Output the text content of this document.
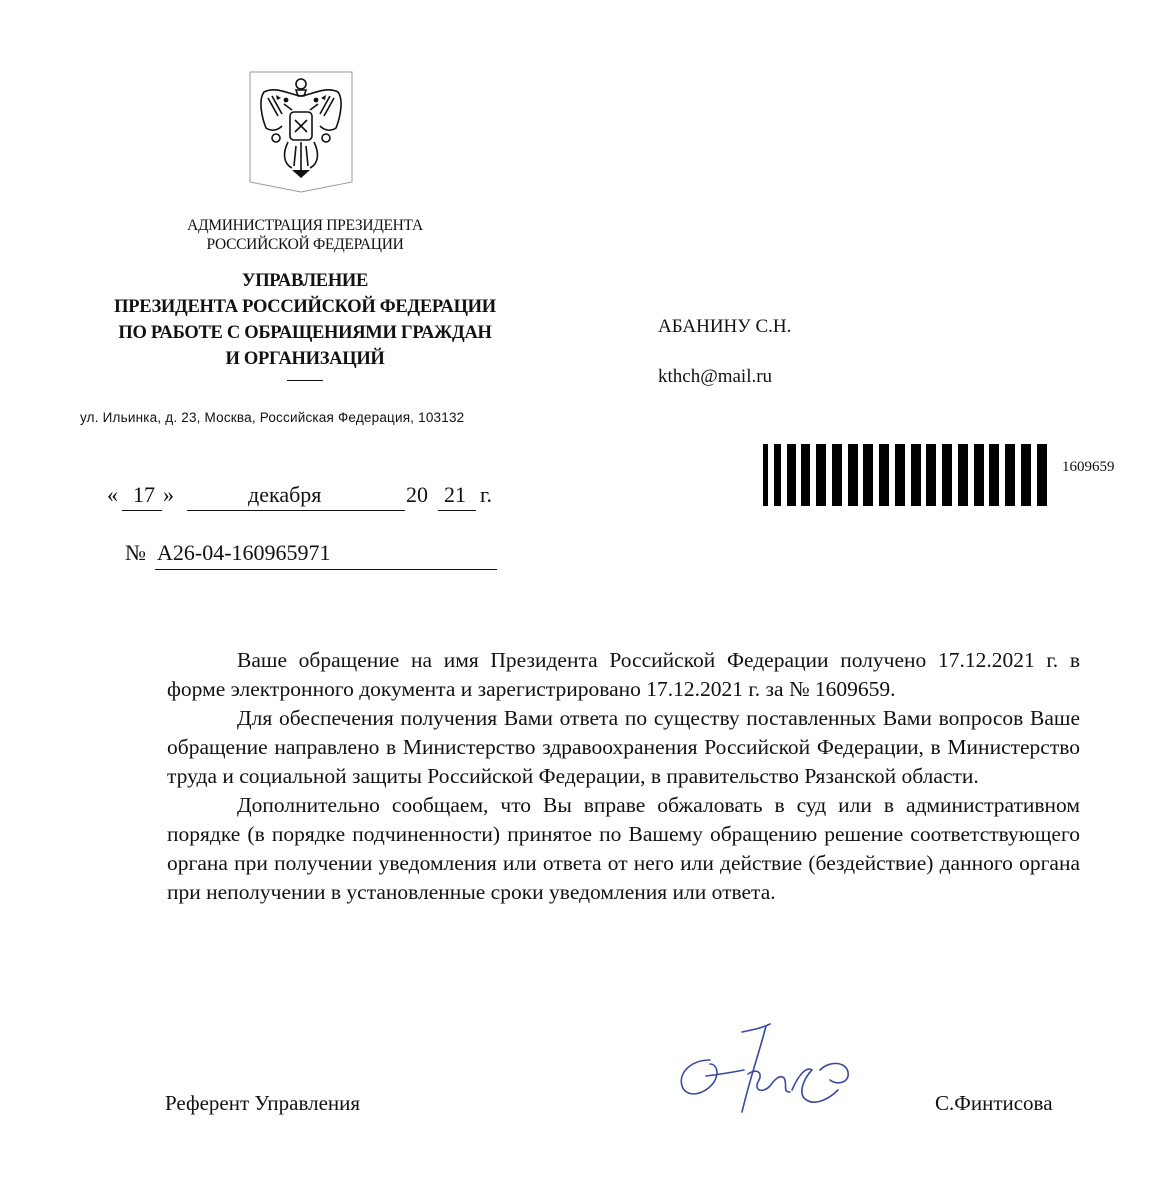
АДМИНИСТРАЦИЯ ПРЕЗИДЕНТА
РОССИЙСКОЙ ФЕДЕРАЦИИ
УПРАВЛЕНИЕ
ПРЕЗИДЕНТА РОССИЙСКОЙ ФЕДЕРАЦИИ
ПО РАБОТЕ С ОБРАЩЕНИЯМИ ГРАЖДАН
И ОРГАНИЗАЦИЙ
ул. Ильинка, д. 23, Москва, Российская Федерация, 103132
АБАНИНУ С.Н.
kthch@mail.ru
1609659
« 17 »	декабря	20 21 г.
№ А26-04-160965971

Ваше обращение на имя Президента Российской Федерации получено 17.12.2021 г. в форме электронного документа и зарегистрировано 17.12.2021 г. за № 1609659.

Для обеспечения получения Вами ответа по существу поставленных Вами вопросов Ваше обращение направлено в Министерство здравоохранения Российской Федерации, в Министерство труда и социальной защиты Российской Федерации, в правительство Рязанской области.

Дополнительно сообщаем, что Вы вправе обжаловать в суд или в административном порядке (в порядке подчиненности) принятое по Вашему обращению решение соответствующего органа при получении уведомления или ответа от него или действие (бездействие) данного органа при неполучении в установленные сроки уведомления или ответа.

Референт Управления	С.Финтисова
